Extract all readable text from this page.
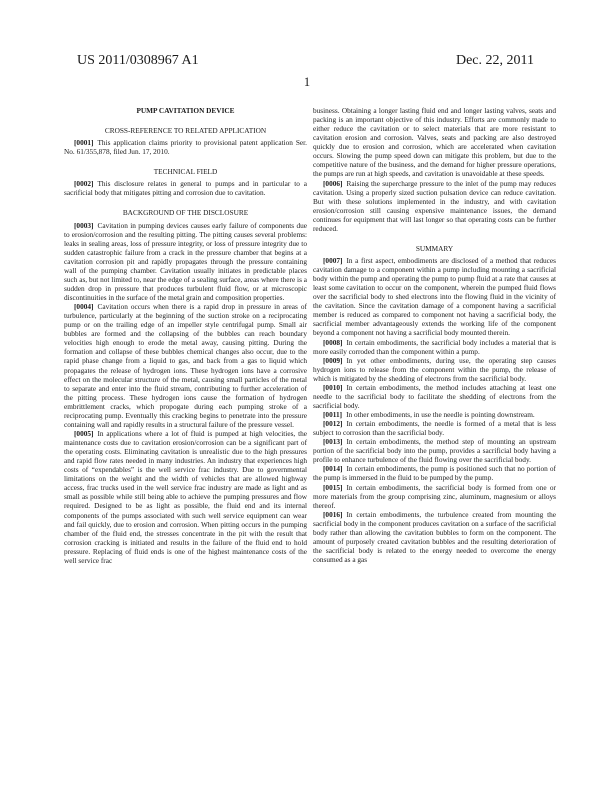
US 2011/0308967 A1	Dec. 22, 2011
1
PUMP CAVITATION DEVICE
CROSS-REFERENCE TO RELATED APPLICATION

[0001] This application claims priority to provisional patent application Ser. No. 61/355,878, filed Jun. 17, 2010.

TECHNICAL FIELD

[0002] This disclosure relates in general to pumps and in particular to a sacrificial body that mitigates pitting and corrosion due to cavitation.

BACKGROUND OF THE DISCLOSURE

[0003] Cavitation in pumping devices causes early failure of components due to erosion/corrosion and the resulting pitting. The pitting causes several problems: leaks in sealing areas, loss of pressure integrity, or loss of pressure integrity due to sudden catastrophic failure from a crack in the pressure chamber that begins at a cavitation corrosion pit and rapidly propagates through the pressure containing wall of the pumping chamber. Cavitation usually initiates in predictable places such as, but not limited to, near the edge of a sealing surface, areas where there is a sudden drop in pressure that produces turbulent fluid flow, or at microscopic discontinuities in the surface of the metal grain and composition properties.

[0004] Cavitation occurs when there is a rapid drop in pressure in areas of turbulence, particularly at the beginning of the suction stroke on a reciprocating pump or on the trailing edge of an impeller style centrifugal pump. Small air bubbles are formed and the collapsing of the bubbles can reach boundary velocities high enough to erode the metal away, causing pitting. During the formation and collapse of these bubbles chemical changes also occur, due to the rapid phase change from a liquid to gas, and back from a gas to liquid which propagates the release of hydrogen ions. These hydrogen ions have a corrosive effect on the molecular structure of the metal, causing small particles of the metal to separate and enter into the fluid stream, contributing to further acceleration of the pitting process. These hydrogen ions cause the formation of hydrogen embrittlement cracks, which propogate during each pumping stroke of a reciprocating pump. Eventually this cracking begins to penetrate into the pressure containing wall and rapidly results in a structural failure of the pressure vessel.

[0005] In applications where a lot of fluid is pumped at high velocities, the maintenance costs due to cavitation erosion/corrosion can be a significant part of the operating costs. Eliminating cavitation is unrealistic due to the high pressures and rapid flow rates needed in many industries. An industry that experiences high costs of “expendables” is the well service frac industry. Due to governmental limitations on the weight and the width of vehicles that are allowed highway access, frac trucks used in the well service frac industry are made as light and as small as possible while still being able to achieve the pumping pressures and flow required. Designed to be as light as possible, the fluid end and its internal components of the pumps associated with such well service equipment can wear and fail quickly, due to erosion and corrosion. When pitting occurs in the pumping chamber of the fluid end, the stresses concentrate in the pit with the result that corrosion cracking is initiated and results in the failure of the fluid end to hold pressure. Replacing of fluid ends is one of the highest maintenance costs of the well service frac

business. Obtaining a longer lasting fluid end and longer lasting valves, seats and packing is an important objective of this industry. Efforts are commonly made to either reduce the cavitation or to select materials that are more resistant to cavitation erosion and corrosion. Valves, seats and packing are also destroyed quickly due to erosion and corrosion, which are accelerated when cavitation occurs. Slowing the pump speed down can mitigate this problem, but due to the competitive nature of the business, and the demand for higher pressure operations, the pumps are run at high speeds, and cavitation is unavoidable at these speeds.

[0006] Raising the supercharge pressure to the inlet of the pump may reduces cavitation. Using a properly sized suction pulsation device can reduce cavitation. But with these solutions implemented in the industry, and with cavitation erosion/corrosion still causing expensive maintenance issues, the demand continues for equipment that will last longer so that operating costs can be further reduced.

SUMMARY

[0007] In a first aspect, embodiments are disclosed of a method that reduces cavitation damage to a component within a pump including mounting a sacrificial body within the pump and operating the pump to pump fluid at a rate that causes at least some cavitation to occur on the component, wherein the pumped fluid flows over the sacrificial body to shed electrons into the flowing fluid in the vicinity of the cavitation. Since the cavitation damage of a component having a sacrificial member is reduced as compared to component not having a sacrificial body, the sacrificial member advantageously extends the working life of the component beyond a component not having a sacrificial body mounted therein.

[0008] In certain embodiments, the sacrificial body includes a material that is more easily corroded than the component within a pump.

[0009] In yet other embodiments, during use, the operating step causes hydrogen ions to release from the component within the pump, the release of which is mitigated by the shedding of electrons from the sacrificial body.

[0010] In certain embodiments, the method includes attaching at least one needle to the sacrificial body to facilitate the shedding of electrons from the sacrificial body.

[0011] In other embodiments, in use the needle is pointing downstream.

[0012] In certain embodiments, the needle is formed of a metal that is less subject to corrosion than the sacrificial body.

[0013] In certain embodiments, the method step of mounting an upstream portion of the sacrificial body into the pump, provides a sacrificial body having a profile to enhance turbulence of the fluid flowing over the sacrificial body.

[0014] In certain embodiments, the pump is positioned such that no portion of the pump is immersed in the fluid to be pumped by the pump.

[0015] In certain embodiments, the sacrificial body is formed from one or more materials from the group comprising zinc, aluminum, magnesium or alloys thereof.

[0016] In certain embodiments, the turbulence created from mounting the sacrificial body in the component produces cavitation on a surface of the sacrificial body rather than allowing the cavitation bubbles to form on the component. The amount of purposely created cavitation bubbles and the resulting deterioration of the sacrificial body is related to the energy needed to overcome the energy consumed as a gas
